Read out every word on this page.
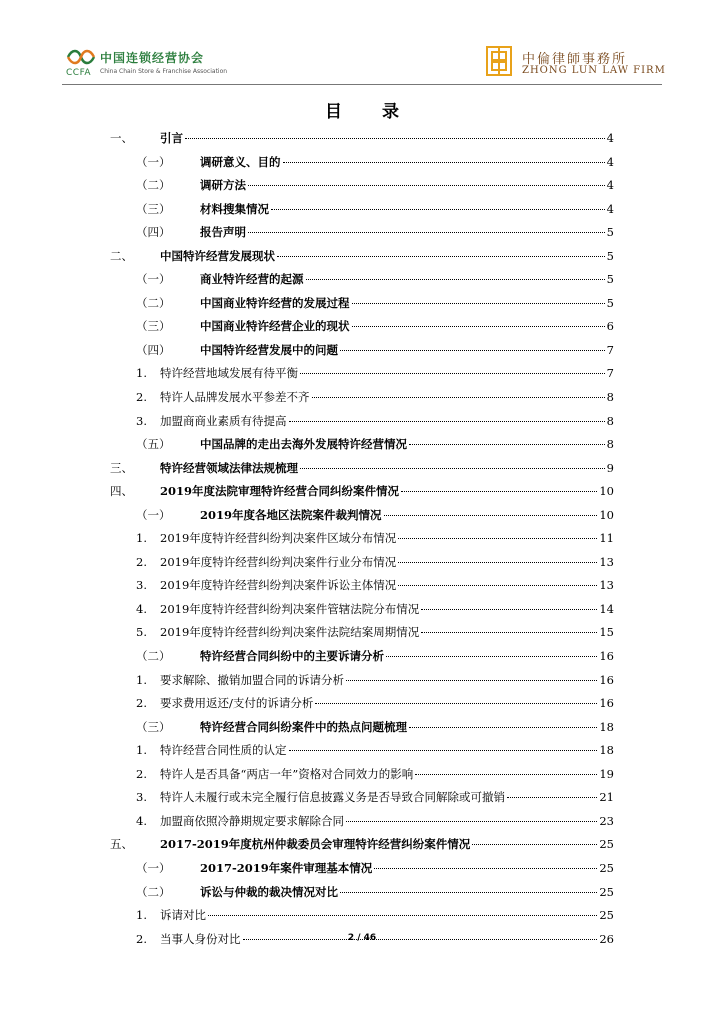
CCFA
中国连锁经营协会
China Chain Store & Franchise Association
中倫律師事務所
ZHONG LUN LAW FIRM
目录
一、 引言	4
（一）	调研意义、目的	4
（二）	调研方法	4
（三）	材料搜集情况	4
（四）	报告声明	5
二、 中国特许经营发展现状	5
（一）	商业特许经营的起源	5
（二）	中国商业特许经营的发展过程	5
（三）	中国商业特许经营企业的现状	6
（四）	中国特许经营发展中的问题	7
1. 特许经营地域发展有待平衡	7
2. 特许人品牌发展水平参差不齐	8
3. 加盟商商业素质有待提高	8
（五）	中国品牌的走出去海外发展特许经营情况	8
三、 特许经营领域法律法规梳理	9
四、 2019年度法院审理特许经营合同纠纷案件情况	10
（一）	2019年度各地区法院案件裁判情况	10
1. 2019年度特许经营纠纷判决案件区域分布情况	11
2. 2019年度特许经营纠纷判决案件行业分布情况	13
3. 2019年度特许经营纠纷判决案件诉讼主体情况	13
4. 2019年度特许经营纠纷判决案件管辖法院分布情况	14
5. 2019年度特许经营纠纷判决案件法院结案周期情况	15
（二）	特许经营合同纠纷中的主要诉请分析	16
1. 要求解除、撤销加盟合同的诉请分析	16
2. 要求费用返还/支付的诉请分析	16
（三）	特许经营合同纠纷案件中的热点问题梳理	18
1. 特许经营合同性质的认定	18
2. 特许人是否具备“两店一年”资格对合同效力的影响	19
3. 特许人未履行或未完全履行信息披露义务是否导致合同解除或可撤销	21
4. 加盟商依照冷静期规定要求解除合同	23
五、 2017-2019年度杭州仲裁委员会审理特许经营纠纷案件情况	25
（一）	2017-2019年案件审理基本情况	25
（二）	诉讼与仲裁的裁决情况对比	25
1. 诉请对比	25
2. 当事人身份对比	26
2 / 46
